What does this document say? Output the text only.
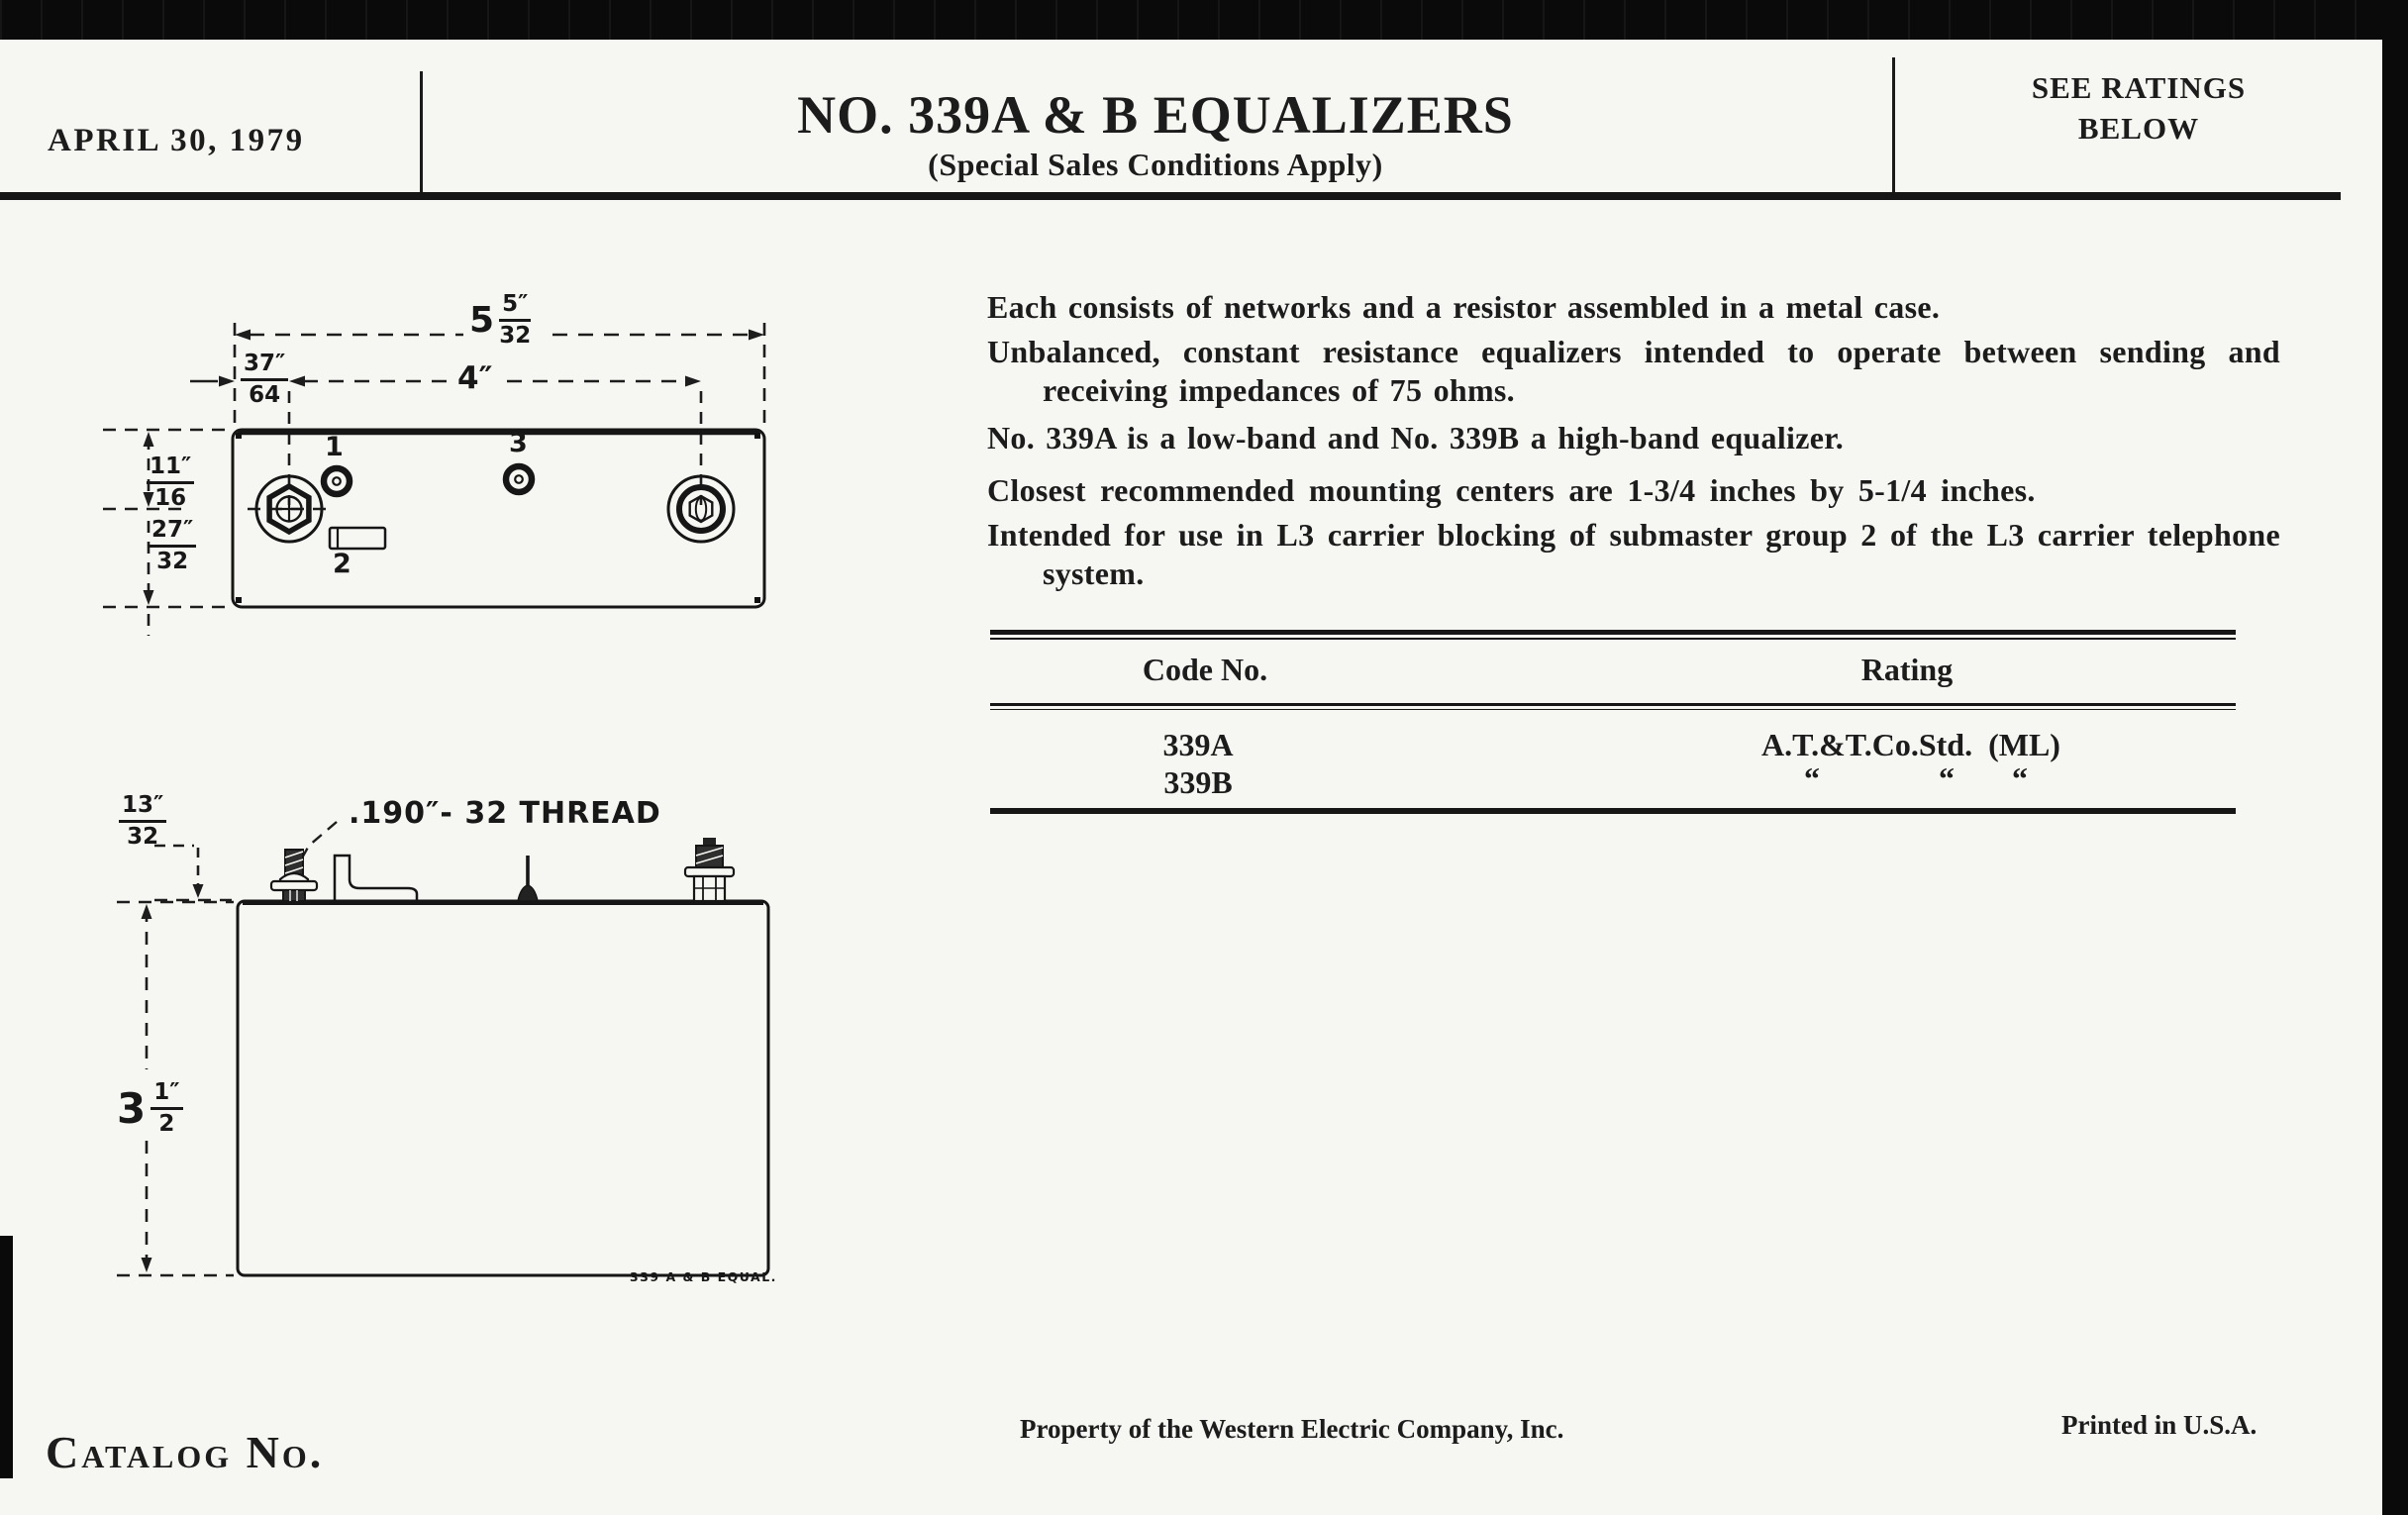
APRIL 30, 1979	NO. 339A & B EQUALIZERS
(Special Sales Conditions Apply)
SEE RATINGS
BELOW
Each consists of networks and a resistor assembled in a metal case.
Unbalanced, constant resistance equalizers intended to operate between sending and receiving impedances of 75 ohms.
No. 339A is a low-band and No. 339B a high-band equalizer.
Closest recommended mounting centers are 1-3/4 inches by 5-1/4 inches.
Intended for use in L3 carrier blocking of submaster group 2 of the L3 carrier telephone system.
Code No.	Rating
339A	A.T.&T.Co.Std. (ML)
339B	“	“ “
$5 \frac{5''}{32}$
4″
$\frac{37''}{64}$
$\frac{11''}{16}$
$\frac{27''}{32}$
1	3
2
$\frac{13''}{32}$	.190″- 32 THREAD
$3 \frac{1''}{2}$
339 A & B EQUAL.
Catalog No.	Property of the Western Electric Company, Inc.	Printed in U.S.A.
